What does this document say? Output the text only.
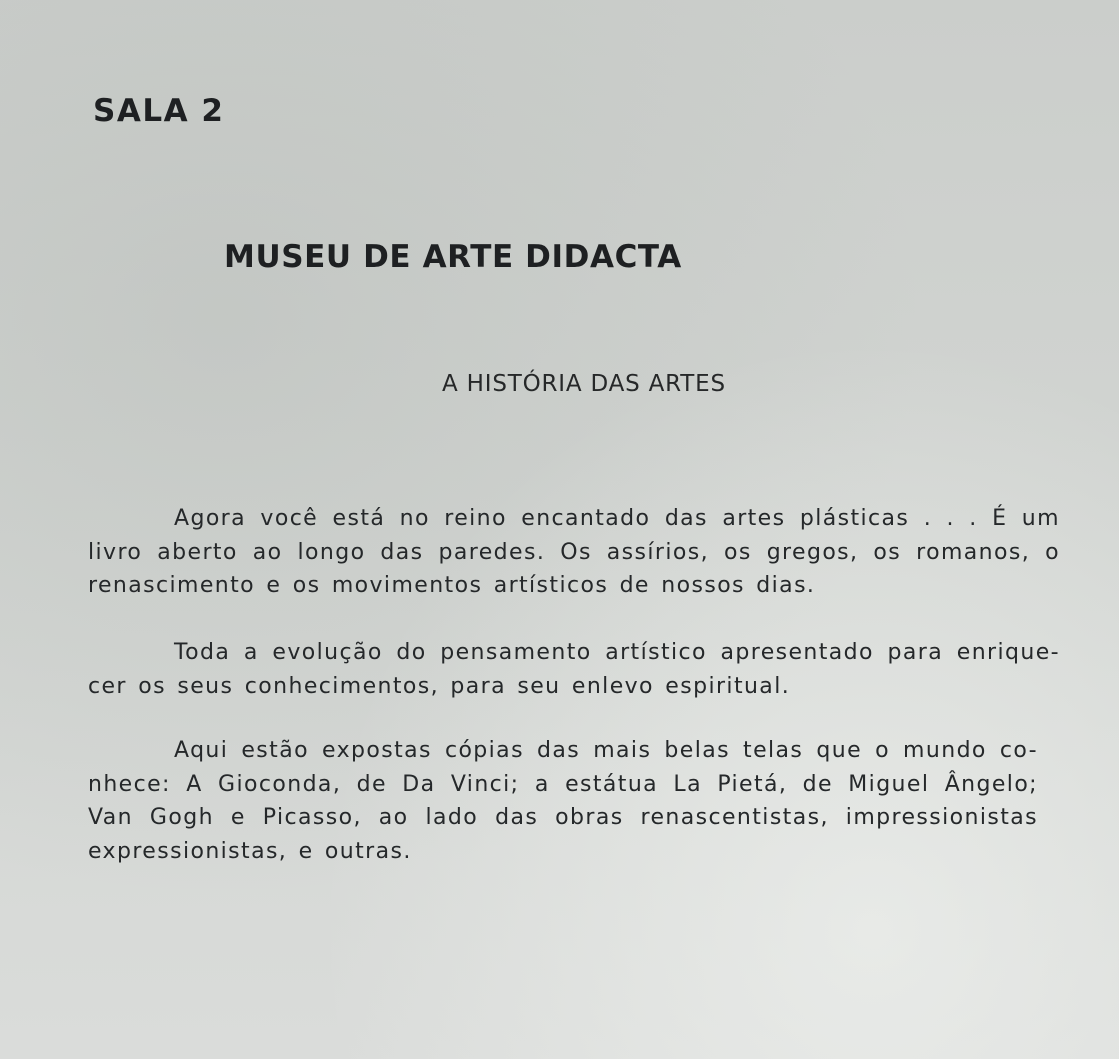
SALA 2
MUSEU DE ARTE DIDACTA
A HISTÓRIA DAS ARTES

Agora você está no reino encantado das artes plásticas . . . É um
livro aberto ao longo das paredes. Os assírios, os gregos, os romanos, o
renascimento e os movimentos artísticos de nossos dias.

Toda a evolução do pensamento artístico apresentado para enrique-
cer os seus conhecimentos, para seu enlevo espiritual.

Aqui estão expostas cópias das mais belas telas que o mundo co-
nhece: A Gioconda, de Da Vinci; a estátua La Pietá, de Miguel Ângelo;
Van Gogh e Picasso, ao lado das obras renascentistas, impressionistas
expressionistas, e outras.
